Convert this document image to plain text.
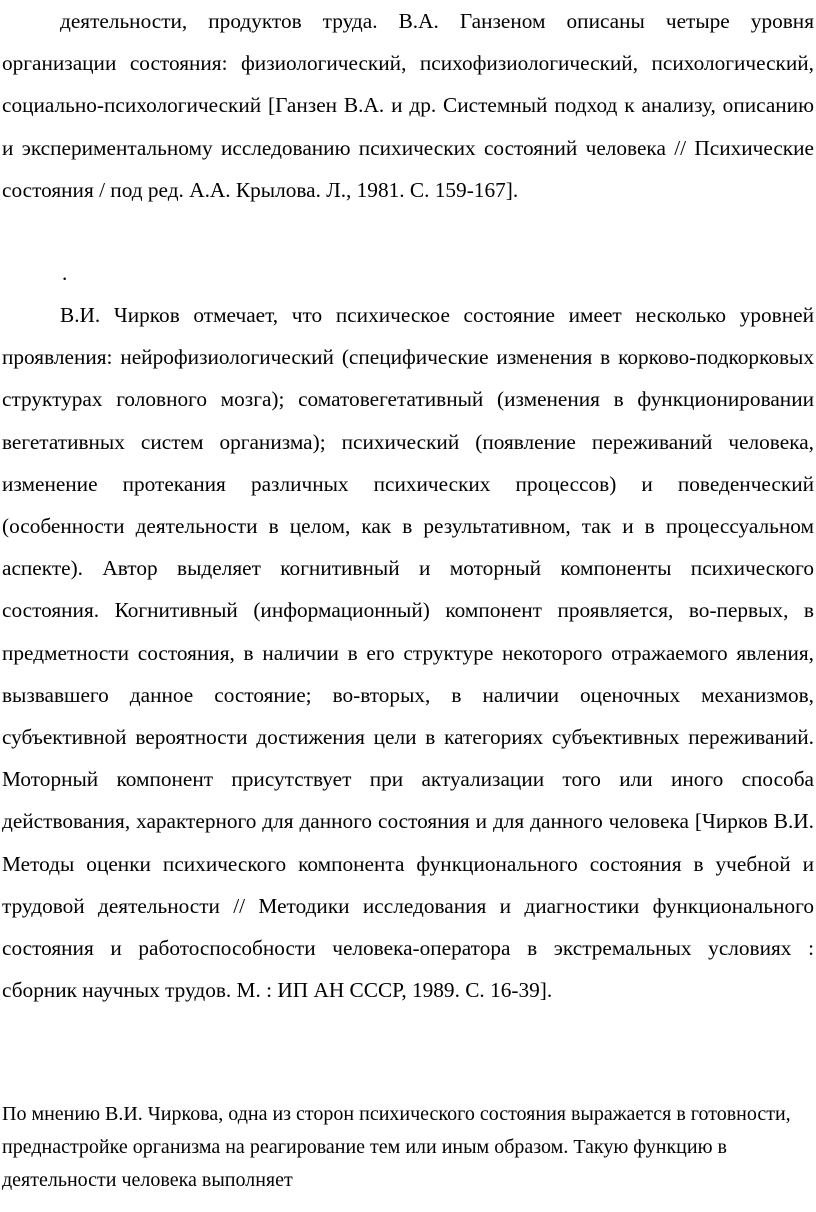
деятельности, продуктов труда. В.А. Ганзеном описаны четыре уровня организации состояния: физиологический, психофизиологический, психологический, социально-психологический [Ганзен В.А. и др. Системный подход к анализу, описанию и экспериментальному исследованию психических состояний человека // Психические состояния / под ред. А.А. Крылова. Л., 1981. С. 159-167].

.

В.И. Чирков отмечает, что психическое состояние имеет несколько уровней проявления: нейрофизиологический (специфические изменения в корково-подкорковых структурах головного мозга); соматовегетативный (изменения в функционировании вегетативных систем организма); психический (появление переживаний человека, изменение протекания различных психических процессов) и поведенческий (особенности деятельности в целом, как в результативном, так и в процессуальном аспекте). Автор выделяет когнитивный и моторный компоненты психического состояния. Когнитивный (информационный) компонент проявляется, во-первых, в предметности состояния, в наличии в его структуре некоторого отражаемого явления, вызвавшего данное состояние; во-вторых, в наличии оценочных механизмов, субъективной вероятности достижения цели в категориях субъективных переживаний. Моторный компонент присутствует при актуализации того или иного способа действования, характерного для данного состояния и для данного человека [Чирков В.И. Методы оценки психического компонента функционального состояния в учебной и трудовой деятельности // Методики исследования и диагностики функционального состояния и работоспособности человека-оператора в экстремальных условиях : сборник научных трудов. М. : ИП АН СССР, 1989. С. 16-39].

По мнению В.И. Чиркова, одна из сторон психического состояния выражается в готовности, преднастройке организма на реагирование тем или иным образом. Такую функцию в деятельности человека выполняет
